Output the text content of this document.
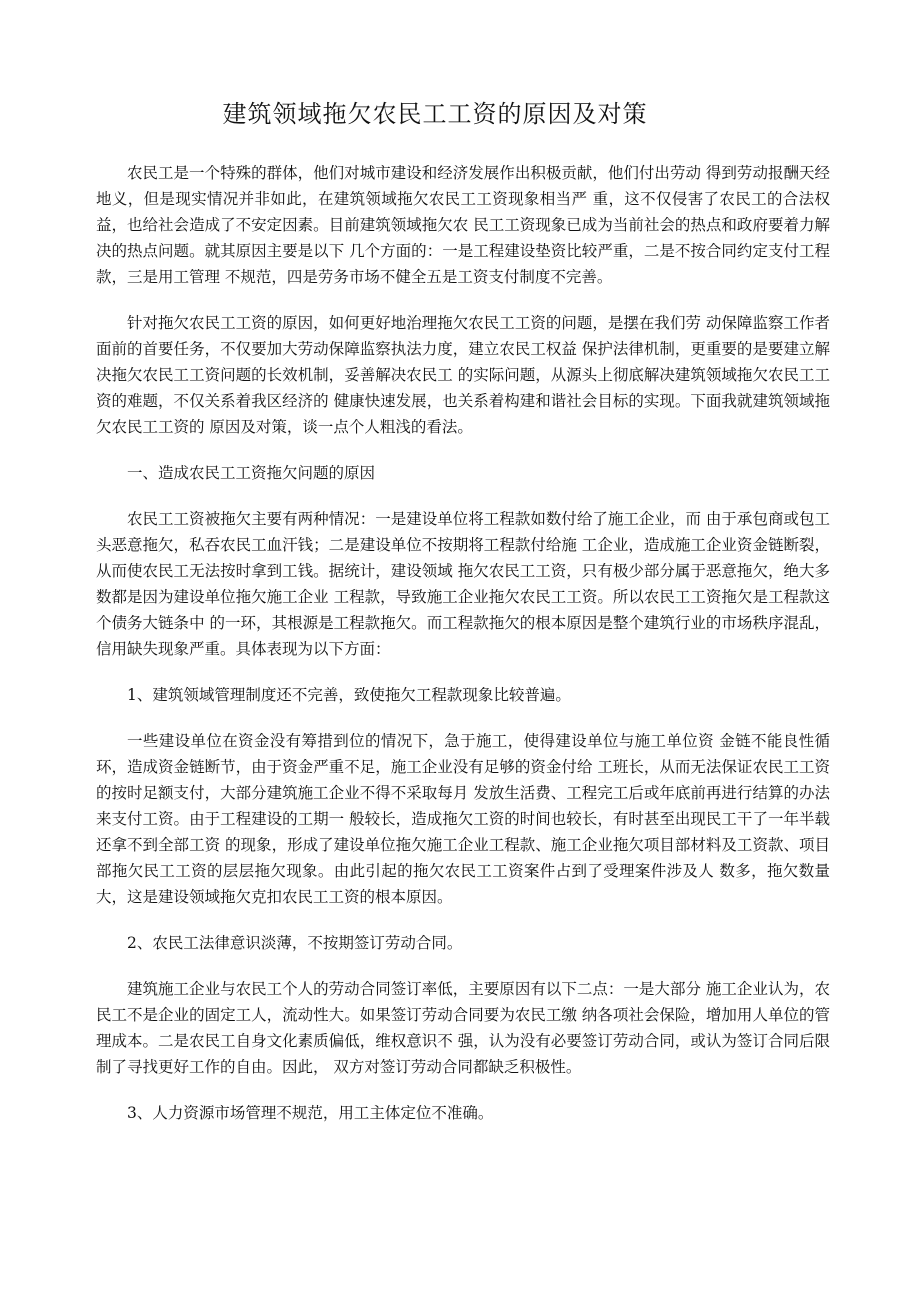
建筑领域拖欠农民工工资的原因及对策

农民工是一个特殊的群体，他们对城市建设和经济发展作出积极贡献，他们付出劳动 得到劳动报酬天经地义，但是现实情况并非如此，在建筑领域拖欠农民工工资现象相当严 重，这不仅侵害了农民工的合法权益，也给社会造成了不安定因素。目前建筑领域拖欠农 民工工资现象已成为当前社会的热点和政府要着力解决的热点问题。就其原因主要是以下 几个方面的：一是工程建设垫资比较严重，二是不按合同约定支付工程款，三是用工管理 不规范，四是劳务市场不健全五是工资支付制度不完善。

针对拖欠农民工工资的原因，如何更好地治理拖欠农民工工资的问题，是摆在我们劳 动保障监察工作者面前的首要任务，不仅要加大劳动保障监察执法力度，建立农民工权益 保护法律机制，更重要的是要建立解决拖欠农民工工资问题的长效机制，妥善解决农民工 的实际问题，从源头上彻底解决建筑领域拖欠农民工工资的难题，不仅关系着我区经济的 健康快速发展，也关系着构建和谐社会目标的实现。下面我就建筑领域拖欠农民工工资的 原因及对策，谈一点个人粗浅的看法。

一、造成农民工工资拖欠问题的原因

农民工工资被拖欠主要有两种情况：一是建设单位将工程款如数付给了施工企业，而 由于承包商或包工头恶意拖欠，私吞农民工血汗钱；二是建设单位不按期将工程款付给施 工企业，造成施工企业资金链断裂，从而使农民工无法按时拿到工钱。据统计，建设领域 拖欠农民工工资，只有极少部分属于恶意拖欠，绝大多数都是因为建设单位拖欠施工企业 工程款，导致施工企业拖欠农民工工资。所以农民工工资拖欠是工程款这个债务大链条中 的一环，其根源是工程款拖欠。而工程款拖欠的根本原因是整个建筑行业的市场秩序混乱，信用缺失现象严重。具体表现为以下方面：

1、建筑领域管理制度还不完善，致使拖欠工程款现象比较普遍。

一些建设单位在资金没有筹措到位的情况下，急于施工，使得建设单位与施工单位资 金链不能良性循环，造成资金链断节，由于资金严重不足，施工企业没有足够的资金付给 工班长，从而无法保证农民工工资的按时足额支付，大部分建筑施工企业不得不采取每月 发放生活费、工程完工后或年底前再进行结算的办法来支付工资。由于工程建设的工期一 般较长，造成拖欠工资的时间也较长，有时甚至出现民工干了一年半载还拿不到全部工资 的现象，形成了建设单位拖欠施工企业工程款、施工企业拖欠项目部材料及工资款、项目 部拖欠民工工资的层层拖欠现象。由此引起的拖欠农民工工资案件占到了受理案件涉及人 数多，拖欠数量大，这是建设领域拖欠克扣农民工工资的根本原因。

2、农民工法律意识淡薄，不按期签订劳动合同。

建筑施工企业与农民工个人的劳动合同签订率低，主要原因有以下二点：一是大部分 施工企业认为，农民工不是企业的固定工人，流动性大。如果签订劳动合同要为农民工缴 纳各项社会保险，增加用人单位的管理成本。二是农民工自身文化素质偏低，维权意识不 强，认为没有必要签订劳动合同，或认为签订合同后限制了寻找更好工作的自由。因此， 双方对签订劳动合同都缺乏积极性。

3、人力资源市场管理不规范，用工主体定位不准确。
